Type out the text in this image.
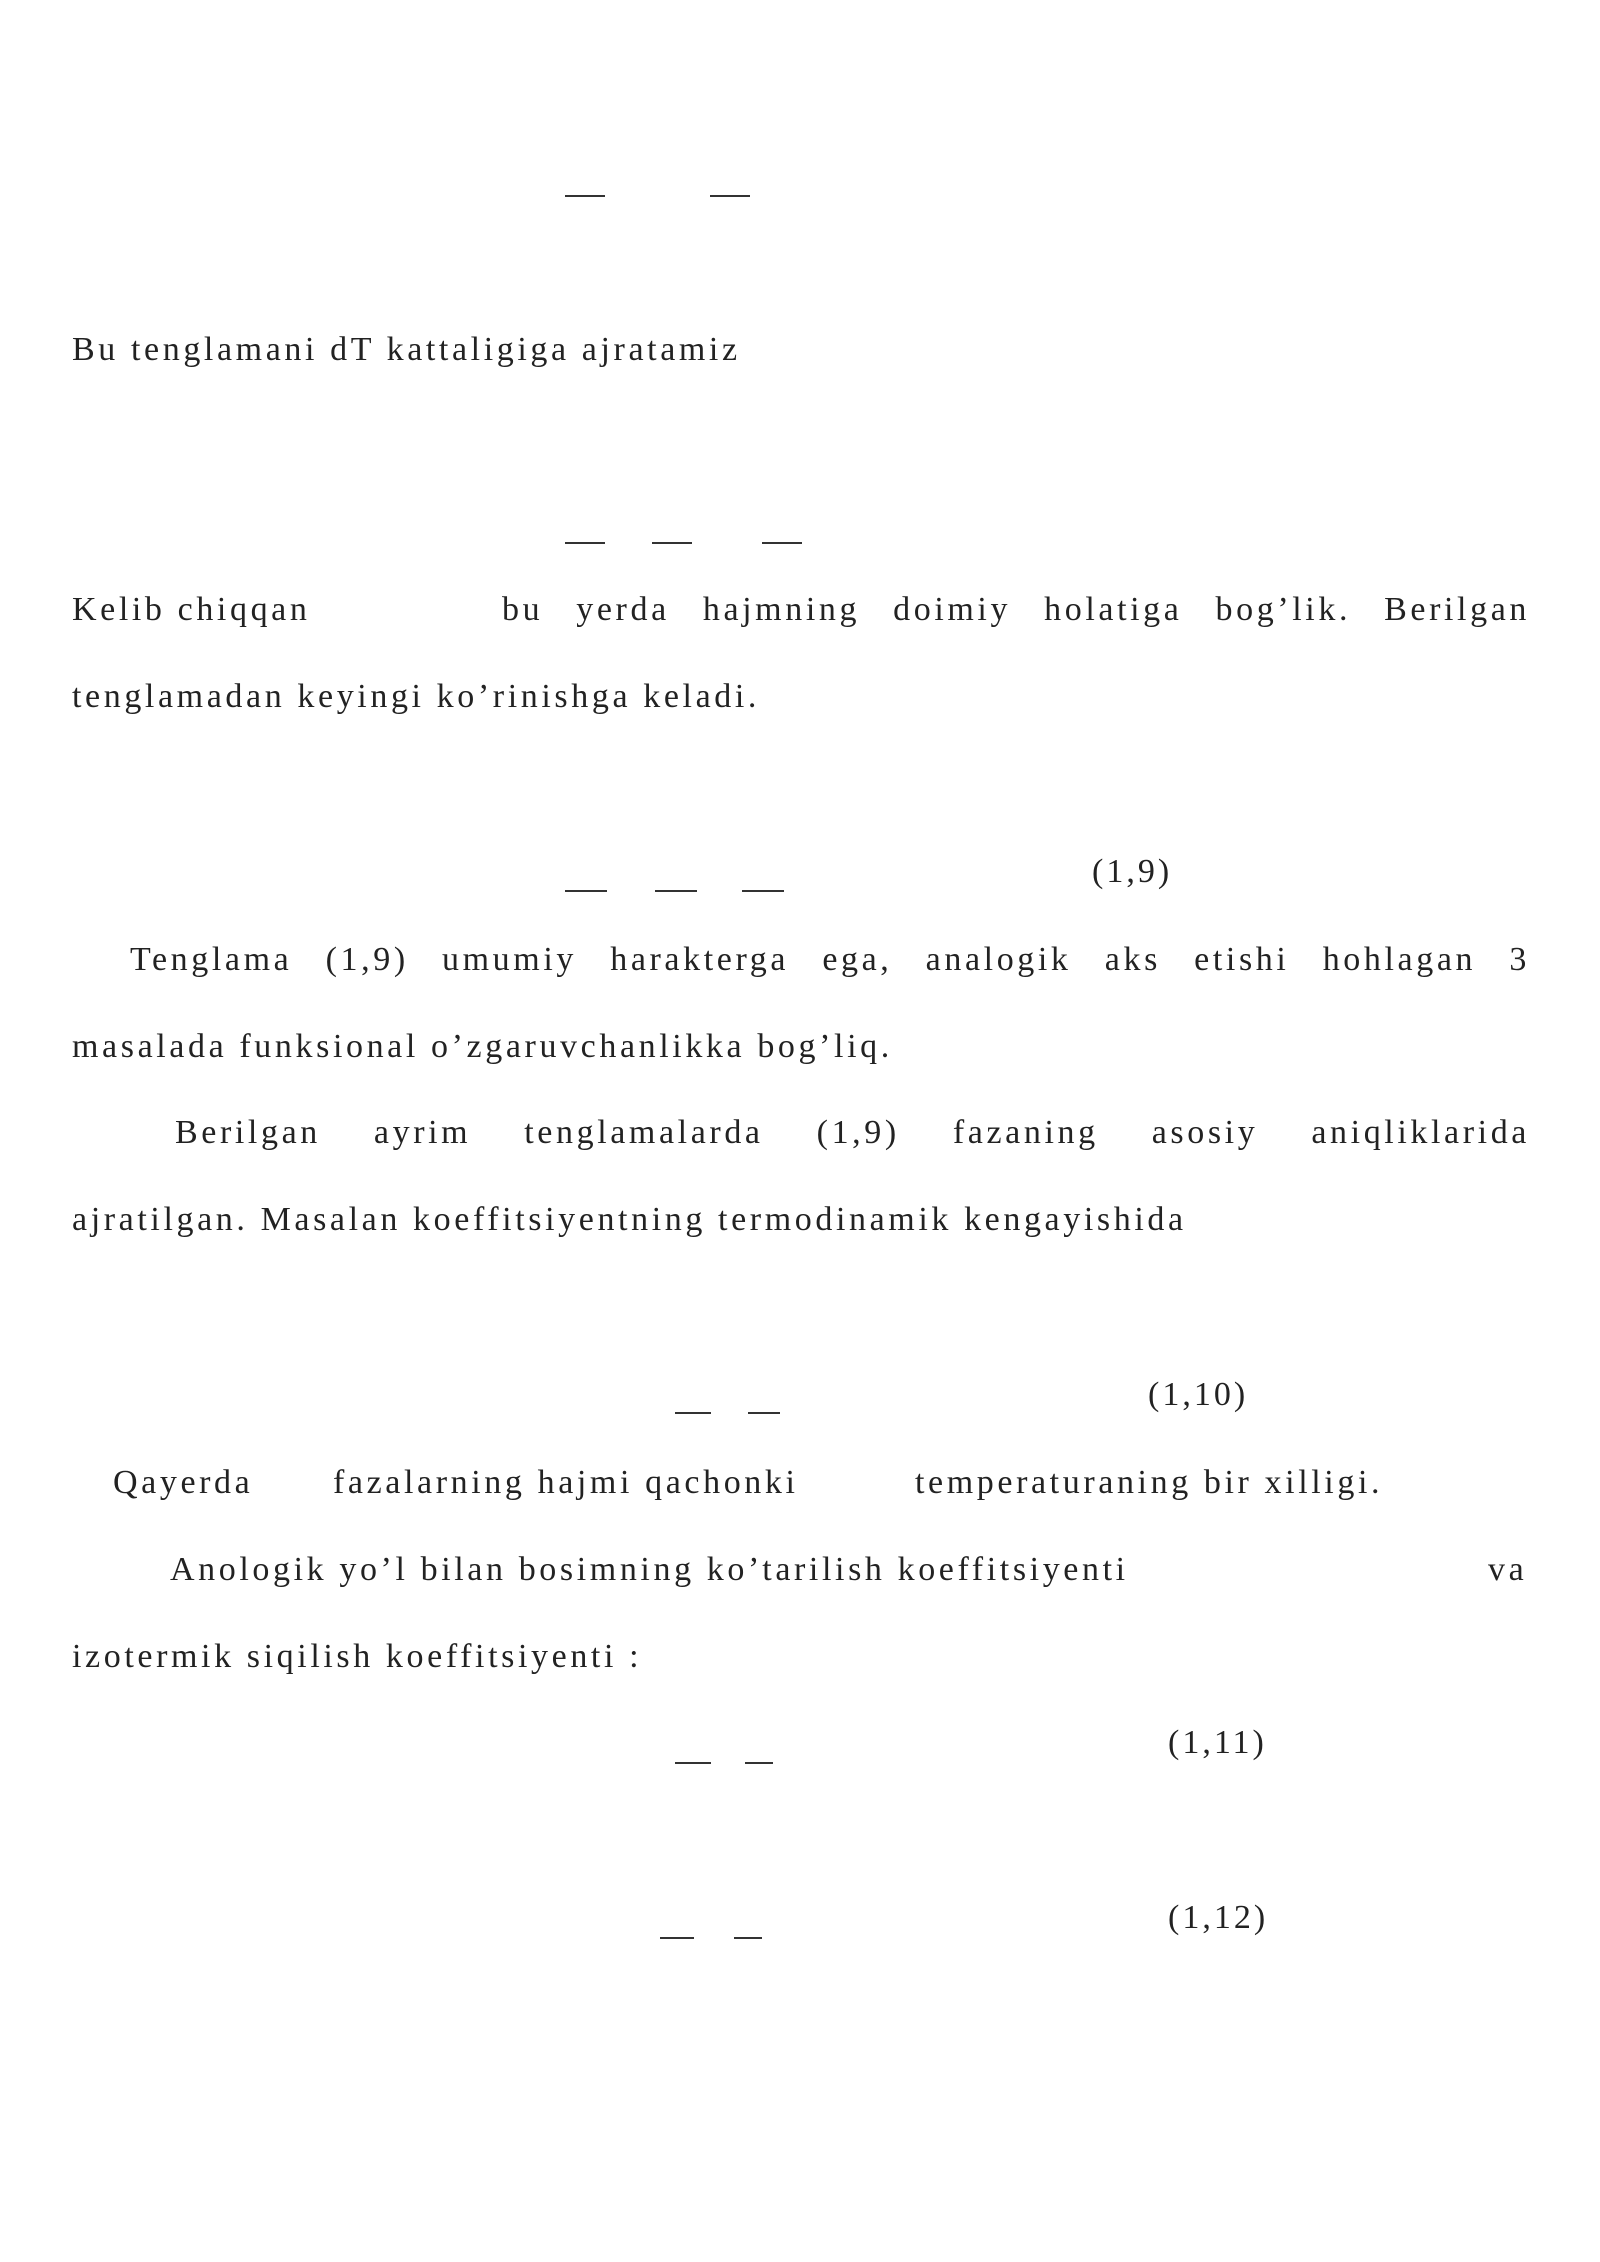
Bu tenglamani dT kattaligiga ajratamiz
Kelib chiqqan	bu yerda hajmning doimiy holatiga bog’lik. Berilgan
tenglamadan keyingi ko’rinishga keladi.
(1,9)
Tenglama (1,9) umumiy harakterga ega, analogik aks etishi hohlagan 3
masalada funksional o’zgaruvchanlikka bog’liq.
Berilgan ayrim tenglamalarda (1,9) fazaning asosiy aniqliklarida
ajratilgan. Masalan koeffitsiyentning termodinamik kengayishida
(1,10)
Qayerda fazalarning hajmi qachonki	temperaturaning bir xilligi.
Anologik yo’l bilan bosimning ko’tarilish koeffitsiyenti	va
izotermik siqilish koeffitsiyenti :
(1,11)
(1,12)
